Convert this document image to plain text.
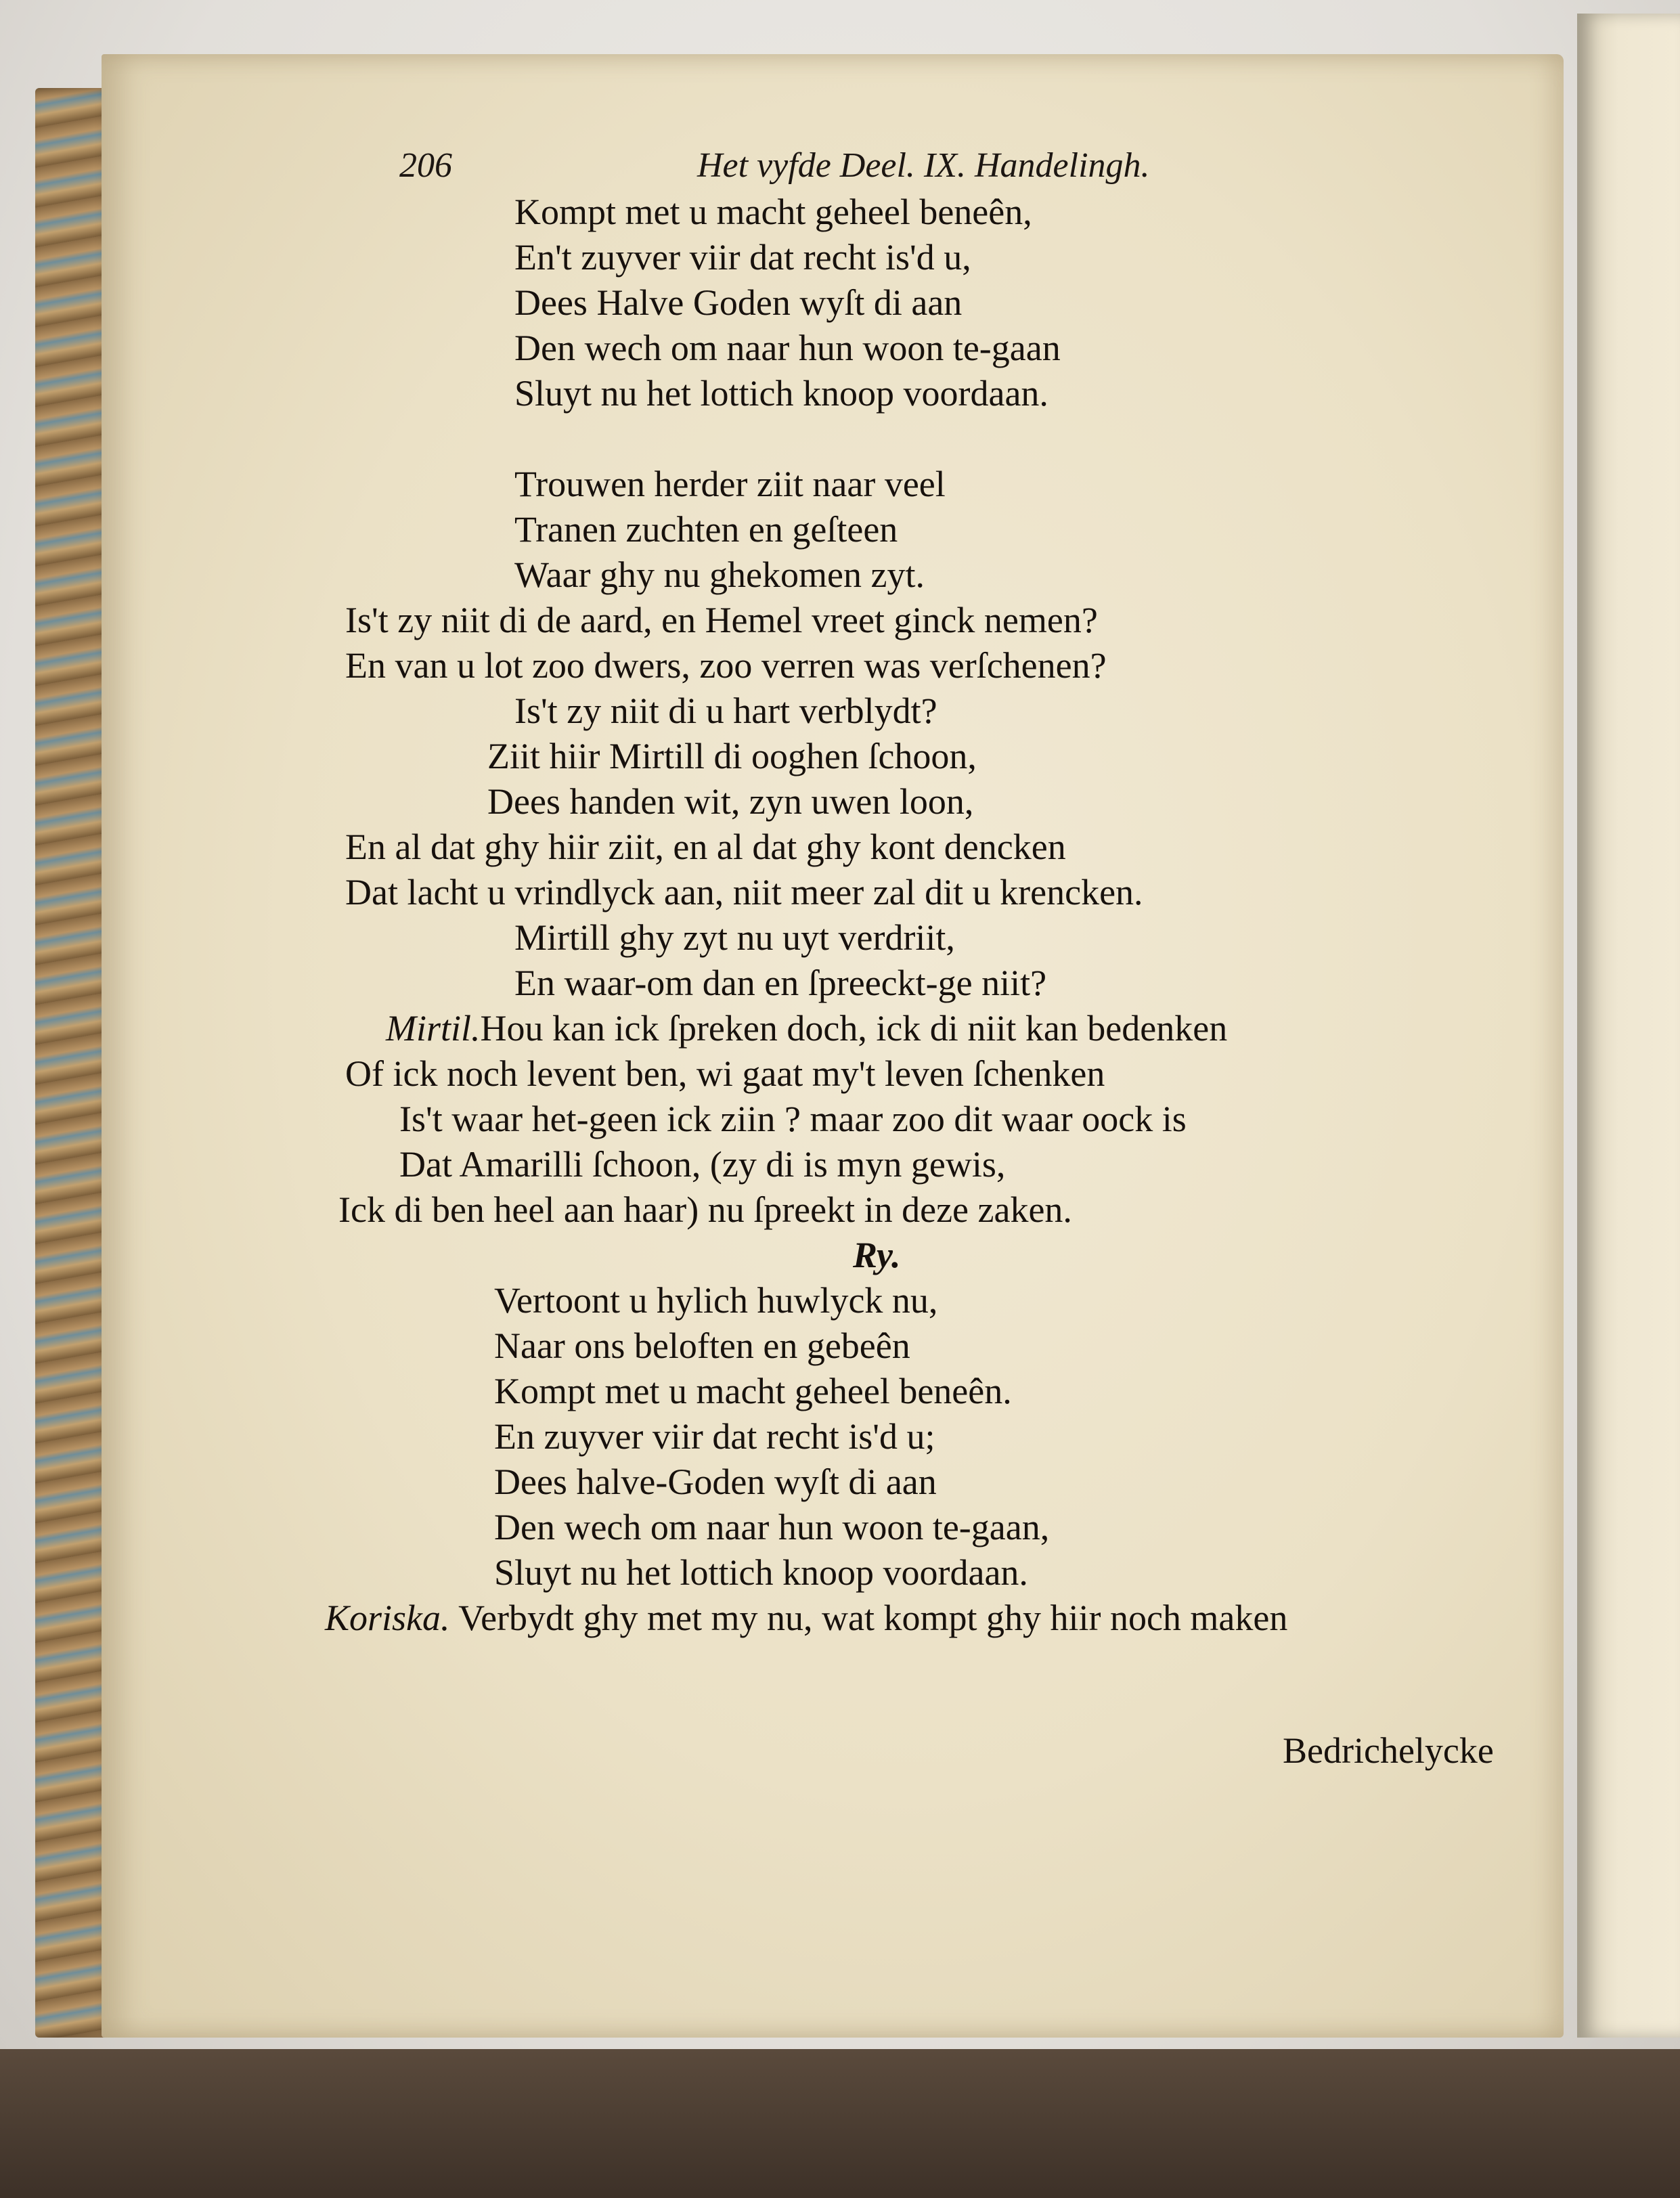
206	Het vyfde Deel. IX. Handelingh.
Kompt met u macht geheel beneên,
En't zuyver viir dat recht is'd u,
Dees Halve Goden wyſt di aan
Den wech om naar hun woon te-gaan
Sluyt nu het lottich knoop voordaan.
Trouwen herder ziit naar veel
Tranen zuchten en geſteen
Waar ghy nu ghekomen zyt.
Is't zy niit di de aard, en Hemel vreet ginck nemen?
En van u lot zoo dwers, zoo verren was verſchenen?
Is't zy niit di u hart verblydt?
Ziit hiir Mirtill di ooghen ſchoon,
Dees handen wit, zyn uwen loon,
En al dat ghy hiir ziit, en al dat ghy kont dencken
Dat lacht u vrindlyck aan, niit meer zal dit u krencken.
Mirtill ghy zyt nu uyt verdriit,
En waar-om dan en ſpreeckt-ge niit?
Mirtil.Hou kan ick ſpreken doch, ick di niit kan bedenken
Of ick noch levent ben, wi gaat my't leven ſchenken
Is't waar het-geen ick ziin ? maar zoo dit waar oock is
Dat Amarilli ſchoon, (zy di is myn gewis,
Ick di ben heel aan haar) nu ſpreekt in deze zaken.
Ry.
Vertoont u hylich huwlyck nu,
Naar ons beloften en gebeên
Kompt met u macht geheel beneên.
En zuyver viir dat recht is'd u;
Dees halve-Goden wyſt di aan
Den wech om naar hun woon te-gaan,
Sluyt nu het lottich knoop voordaan.
Koriska. Verbydt ghy met my nu, wat kompt ghy hiir noch maken
Bedrichelycke
